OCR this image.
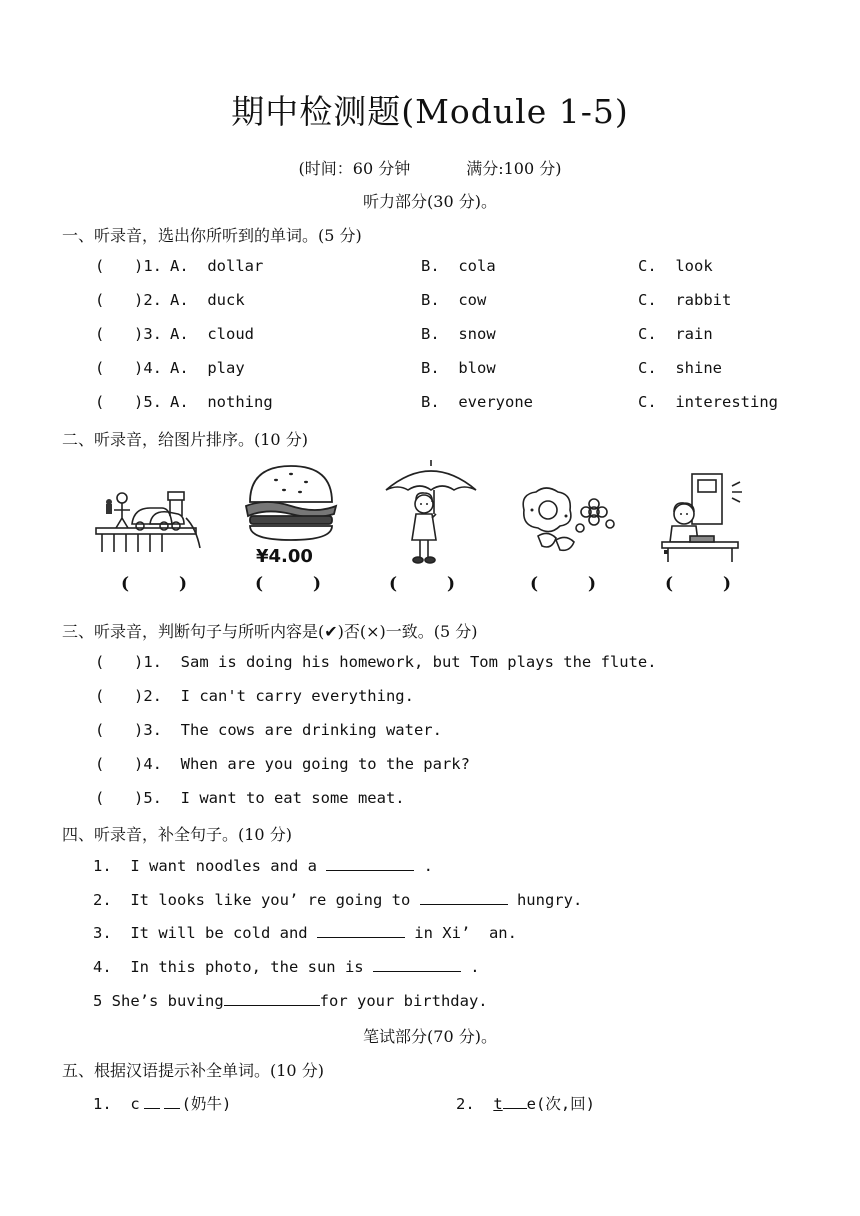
期中检测题(Module 1-5)
(时间：60 分钟	满分:100 分)
听力部分(30 分)。
一、听录音，选出你所听到的单词。(5 分)
( )1. A.  dollar	B.  cola	C.  look
( )2. A.  duck	B.  cow	C.  rabbit
( )3. A.  cloud	B.  snow	C.  rain
( )4. A.  play	B.  blow	C.  shine
( )5. A.  nothing	B.  everyone	C.  interesting
二、听录音，给图片排序。(10 分)
¥4.00
(	)	(	)	(	)	(	)	(	)
三、听录音，判断句子与所听内容是(✔)否(×)一致。(5 分)
( )1.  Sam is doing his homework, but Tom plays the flute.
( )2.  I can't carry everything.
( )3.  The cows are drinking water.
( )4.  When are you going to the park?
( )5.  I want to eat some meat.
四、听录音，补全句子。(10 分)
1.  I want noodles and a	.
2.  It looks like you’ re going to	hungry.
3.  It will be cold and	in Xi’  an.
4.  In this photo, the sun is	.
5 She’s buving	for your birthday.
笔试部分(70 分)。
五、根据汉语提示补全单词。(10 分)
1.  c	(奶牛)	2.  t e(次,回)
